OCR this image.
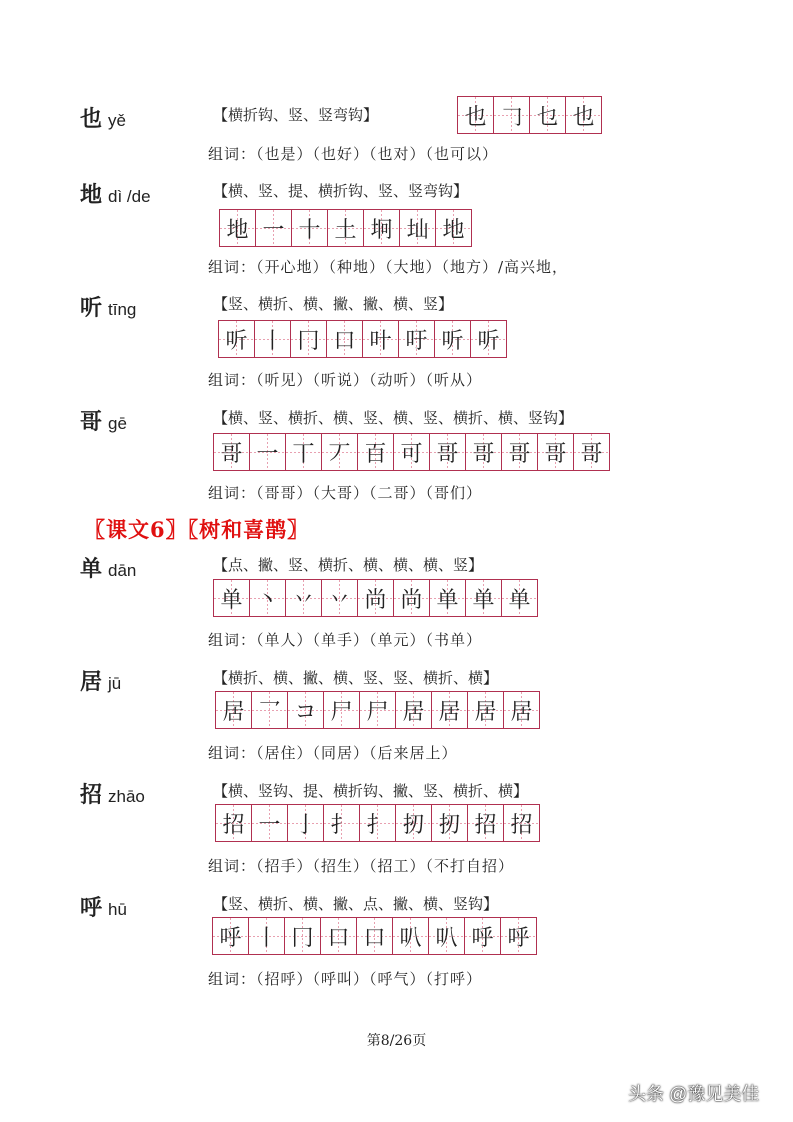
也 yě	【横折钩、竖、竖弯钩】	也 𠃌 乜 也
组词：（也是）（也好）（也对）（也可以）
地 dì /de	【横、竖、提、横折钩、竖、竖弯钩】
地 一 十 土 坰 圸 地
组词：（开心地）（种地）（大地）（地方）/高兴地，
听 tīng	【竖、横折、横、撇、撇、横、竖】
听 丨 冂 口 叶 吁 听 听
组词：（听见）（听说）（动听）（听从）
哥 gē	【横、竖、横折、横、竖、横、竖、横折、横、竖钩】
哥 一 丅 丆 百 可 哥 哥 哥 哥 哥
组词：（哥哥）（大哥）（二哥）（哥们）
单 dān	【点、撇、竖、横折、横、横、横、竖】
单 丶 丷 丷 尚 尚 单 单 单
组词：（单人）（单手）（单元）（书单）
居 jū	【横折、横、撇、横、竖、竖、横折、横】
居 乛 コ 尸 尸 居 居 居 居
组词：（居住）（同居）（后来居上）
招 zhāo	【横、竖钩、提、横折钩、撇、竖、横折、横】
招 一 亅 扌 扌 扨 扨 招 招
组词：（招手）（招生）（招工）（不打自招）
呼 hū	【竖、横折、横、撇、点、撇、横、竖钩】
呼 丨 冂 口 口 叭 叭 呼 呼
组词：（招呼）（呼叫）（呼气）（打呼）
〖课文6〗〖树和喜鹊〗
第8/26页
头条 @豫见美佳
